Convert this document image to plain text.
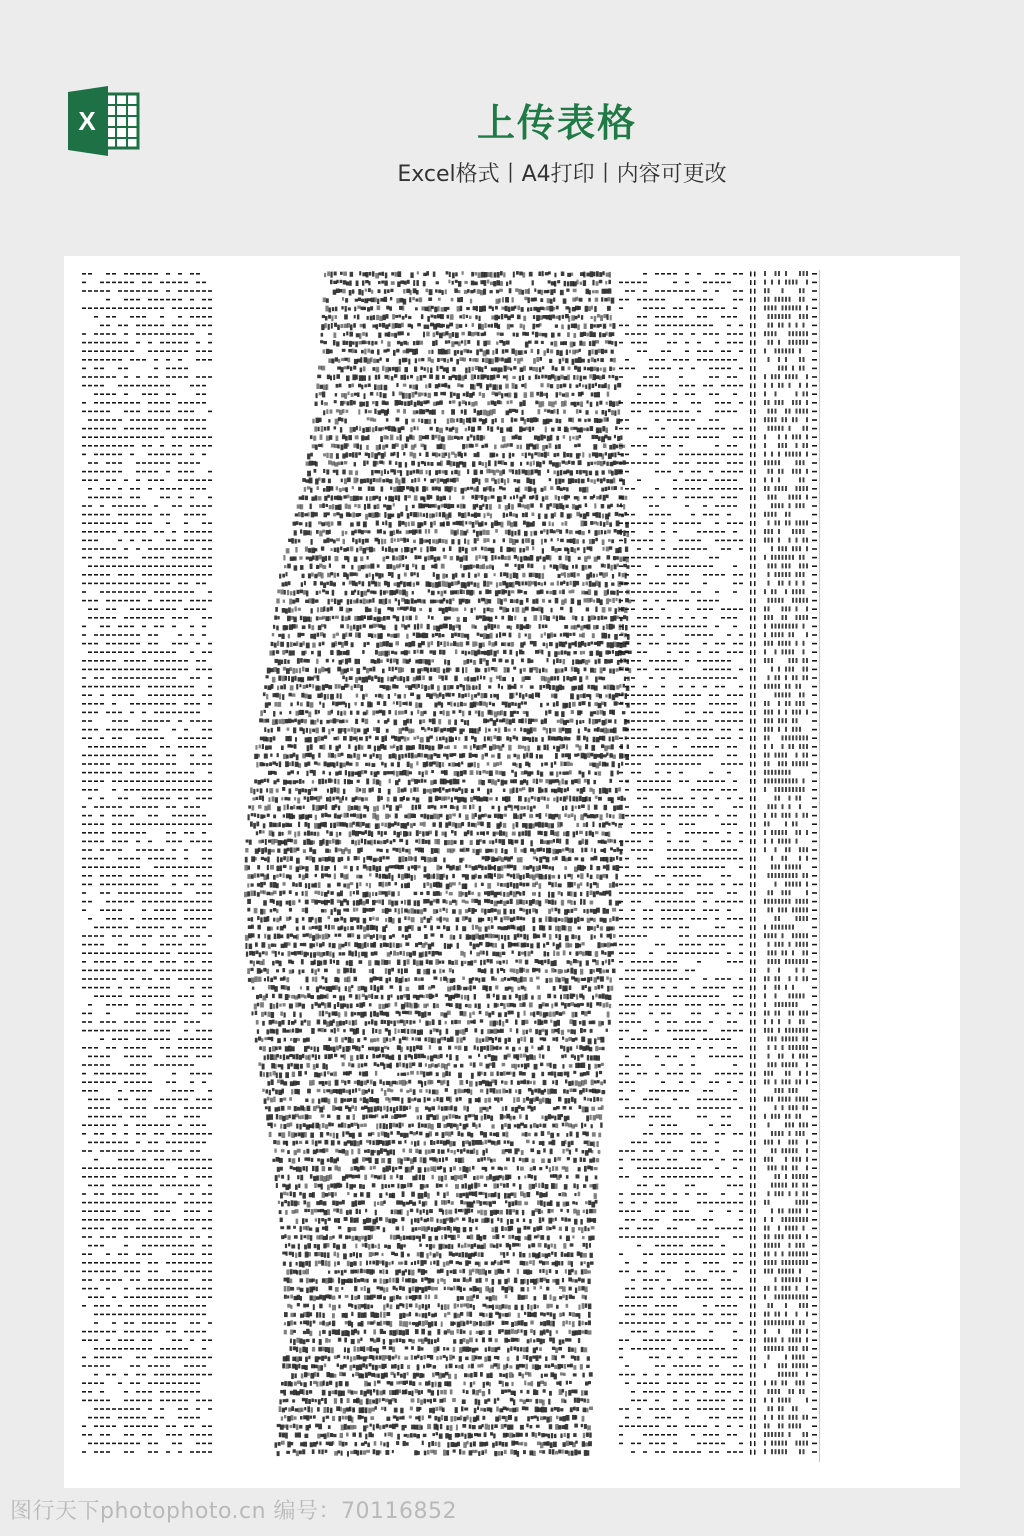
X	上传表格
Excel格式丨A4打印丨内容可更改
图行天下photophoto.cn 编号：70116852
